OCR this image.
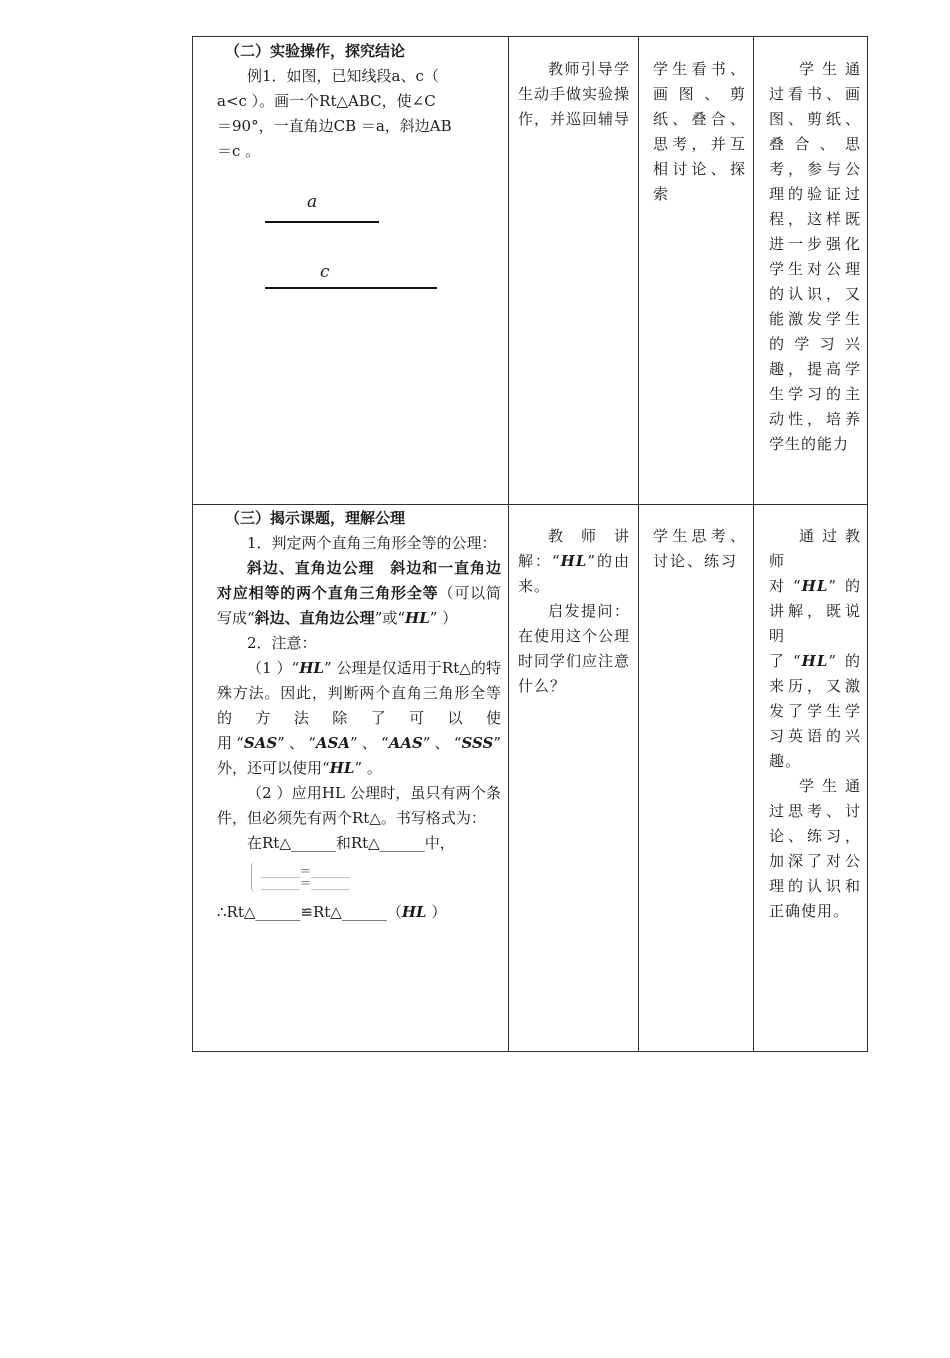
（二）实验操作，探究结论

例1．如图，已知线段a、c（

a<c ）。画一个Rt△ABC，使∠C

＝90°，一直角边CB ＝a，斜边AB

＝c 。

a
c
教师引导学生动手做实验操作，并巡回辅导
学生看书、画图、剪纸、叠合、思考，并互相讨论、探索
学生通过看书、画图、剪纸、叠合、思考，参与公理的验证过程，这样既进一步强化学生对公理的认识，又能激发学生的学习兴趣，提高学生学习的主动性，培养学生的能力

（三）揭示课题，理解公理

1．判定两个直角三角形全等的公理：

斜边、直角边公理　斜边和一直角边对应相等的两个直角三角形全等（可以简写成“斜边、直角边公理”或“HL” ）

2．注意：

（1 ）“HL” 公理是仅适用于Rt△的特殊方法。因此，判断两个直角三角形全等的方法除了可以使用“SAS”、“ASA”、“AAS”、“SSS” 外，还可以使用“HL” 。

（2 ）应用HL 公理时，虽只有两个条件，但必须先有两个Rt△。书写格式为：

在Rt△______和Rt△______中，

______=______
______=______

∴Rt△______≌Rt△______（HL ）

教师讲解：“HL”的由来。

启发提问：在使用这个公理时同学们应注意什么？

学生思考、讨论、练习

通过教师对“HL”的讲解，既说明了“HL”的来历，又激发了学生学习英语的兴趣。

学生通过思考、讨论、练习，加深了对公理的认识和正确使用。
